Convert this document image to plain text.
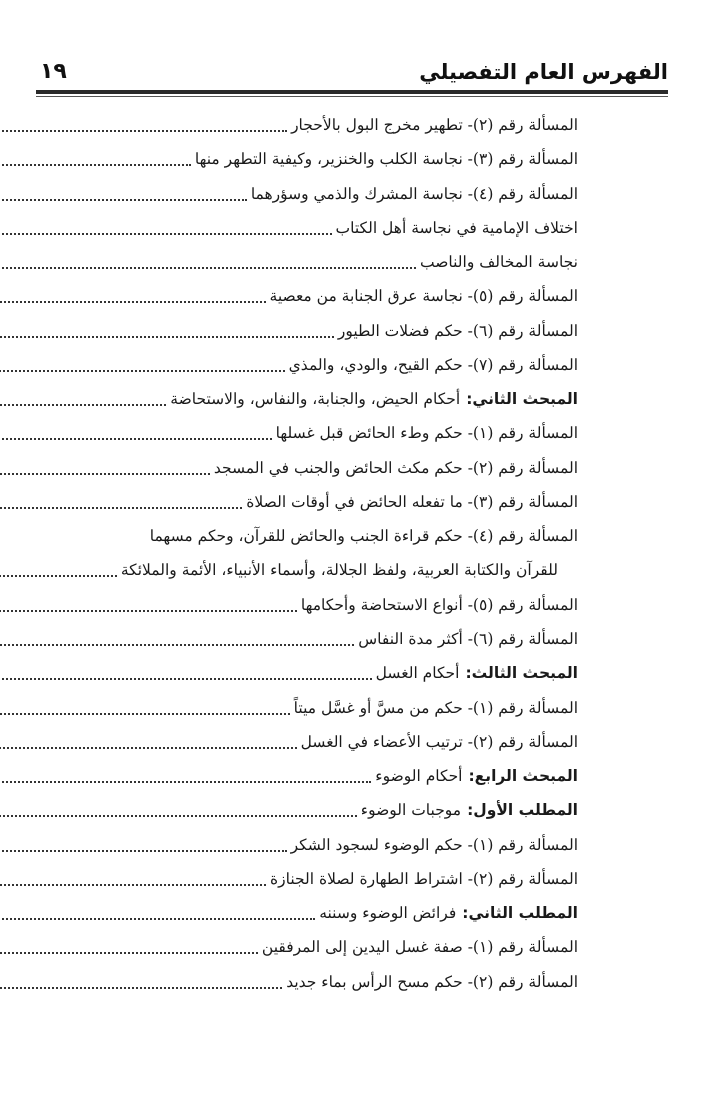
الفهرس العام التفصيلي
١٩
المسألة رقم (٢)- تطهير مخرج البول بالأحجار
المسألة رقم (٣)- نجاسة الكلب والخنزير، وكيفية التطهر منها
المسألة رقم (٤)- نجاسة المشرك والذمي وسؤرهما
اختلاف الإمامية في نجاسة أهل الكتاب
نجاسة المخالف والناصب
المسألة رقم (٥)- نجاسة عرق الجنابة من معصية
المسألة رقم (٦)- حكم فضلات الطيور
المسألة رقم (٧)- حكم القيح، والودي، والمذي
المبحث الثاني:
أحكام الحيض، والجنابة، والنفاس، والاستحاضة
المسألة رقم (١)- حكم وطء الحائض قبل غسلها
المسألة رقم (٢)- حكم مكث الحائض والجنب في المسجد
المسألة رقم (٣)- ما تفعله الحائض في أوقات الصلاة
المسألة رقم (٤)- حكم قراءة الجنب والحائض للقرآن، وحكم مسهما
للقرآن والكتابة العربية، ولفظ الجلالة، وأسماء الأنبياء، الأئمة والملائكة
المسألة رقم (٥)- أنواع الاستحاضة وأحكامها
المسألة رقم (٦)- أكثر مدة النفاس
المبحث الثالث:
أحكام الغسل
المسألة رقم (١)- حكم من مسَّ أو غسَّل ميتاً
المسألة رقم (٢)- ترتيب الأعضاء في الغسل
المبحث الرابع:
أحكام الوضوء
المطلب الأول:
موجبات الوضوء
المسألة رقم (١)- حكم الوضوء لسجود الشكر
المسألة رقم (٢)- اشتراط الطهارة لصلاة الجنازة
المطلب الثاني:
فرائض الوضوء وسننه
المسألة رقم (١)- صفة غسل اليدين إلى المرفقين
المسألة رقم (٢)- حكم مسح الرأس بماء جديد
